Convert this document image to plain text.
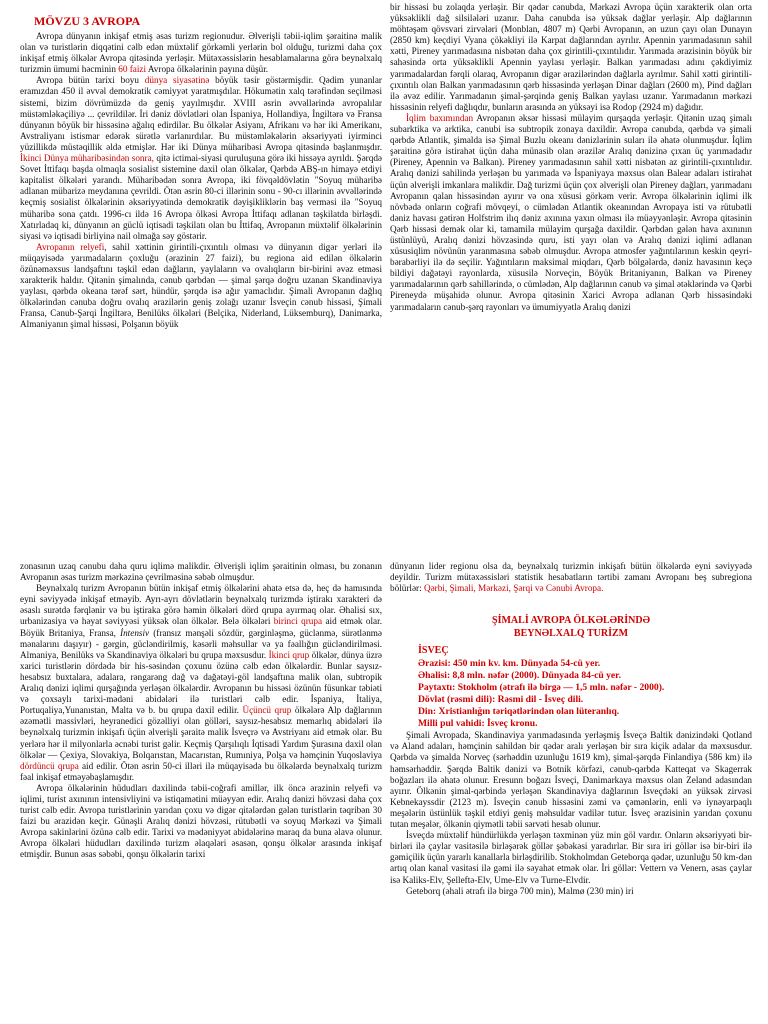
MÖVZU 3 AVROPA

Avropa dünyanın inkişaf etmiş əsas turizm regionudur. Əlverişli təbii-iqlim şəraitinə malik olan və turistlərin diqqətini cəlb edən müxtəlif görkəmli yerlərin bol olduğu, turizmi daha çox inkişaf etmiş ölkələr Avropa qitəsində yerləşir. Mütəxəssislərin hesablamalarına görə beynəlxalq turizmin ümumi həcminin 60 faizi Avropa ölkələrinin payına düşür.

Avropa bütün tarixi boyu dünya siyasətinə böyük təsir göstərmişdir. Qədim yunanlar eramızdan 450 il əvvəl demokratik cəmiyyət yaratmışdılar. Hökumətin xalq tərəfindən seçilməsi sistemi, bizim dövrümüzdə də geniş yayılmışdır. XVIII əsrin əvvəllərində avropalılar müstəmləkəçiliyə ... çevrildilər. İri dəniz dövlətləri olan İspaniya, Hollandiya, İngiltərə və Fransa dünyanın böyük bir hissəsinə ağalıq edirdilər. Bu ölkələr Asiyanı, Afrikanı və hər iki Amerikanı, Avstraliyanı istismar edərək sürətlə varlanırdılar. Bu müstəmləkələrin əksəriyyəti iyirminci yüzillikdə müstəqillik əldə etmişlər. Hər iki Dünya müharibəsi Avropa qitəsində başlanmışdır. İkinci Dünya müharibəsindən sonra, qitə ictimai-siyasi quruluşuna görə iki hissəyə ayrıldı. Şərqdə Sovet İttifaqı başda olmaqla sosialist sistemine daxil olan ölkələr, Qərbdə ABŞ-ın himayə etdiyi kapitalist ölkələri yarandı. Müharibədən sonra Avropa, iki fövqəldövlətin "Soyuq müharibə adlanan mübarizə meydanına çevrildi. Ötən əsrin 80-ci illərinin sonu - 90-cı illərinin əvvəllərində keçmiş sosialist ölkələrinin əksəriyyətində demokratik dəyişikliklərin baş verməsi ilə "Soyuq müharibə sona çatdı. 1996-cı ildə 16 Avropa ölkəsi Avropa İttifaqı adlanan təşkilatda birləşdi. Xatırladaq ki, dünyanın ən güclü iqtisadi təşkilatı olan bu İttifaq, Avropanın müxtəlif ölkələrinin siyasi və iqtisadi birliyinə nail olmağa səy göstərir.

Avropanın relyefi, sahil xəttinin girintili-çıxıntılı olması və dünyanın digər yerləri ilə müqayisədə yarımadaların çoxluğu (ərazinin 27 faizi), bu regiona aid edilən ölkələrin özünəməxsus landşaftını təşkil edən dağların, yaylaların və ovalıqların bir-birini əvəz etməsi xarakterik haldır. Qitənin şimalında, cənub qərbdən — şimal şərqə doğru uzanan Skandinaviya yaylası, qərbdə okeana tərəf sərt, hündür, şərqdə isə ağır yamaclıdır. Şimali Avropanın dağlıq ölkələrindən cənuba doğru ovalıq ərazilərin geniş zolağı uzanır İsveçin cənub hissəsi, Şimali Fransa, Cənub-Şərqi İngiltərə, Benilüks ölkələri (Belçika, Niderland, Lüksemburq), Danimarka, Almaniyanın şimal hissəsi, Polşanın böyük

bir hissəsi bu zolaqda yerləşir. Bir qədər cənubda, Mərkəzi Avropa üçün xarakterik olan orta yüksəklikli dağ silsilələri uzanır. Daha cənubda isə yüksək dağlar yerləşir. Alp dağlarının möhtəşəm qövsvari zirvələri (Monblan, 4807 m) Qərbi Avropanın, ən uzun çayı olan Dunayın (2850 km) keçdiyi Vyana çökəkliyi ilə Karpat dağlarından ayrılır. Apennin yarımadasının sahil xətti, Pireney yarımadasına nisbətən daha çox girintili-çıxıntılıdır. Yarımada ərazisinin böyük bir sahəsində orta yüksəklikli Apennin yaylası yerləşir. Balkan yarımadası adını çəkdiyimiz yarımadalardan fərqli olaraq, Avropanın digər ərazilərindən dağlarla ayrılmır. Sahil xətti girintili-çıxıntılı olan Balkan yarımadasının qərb hissəsində yerləşən Dinar dağları (2600 m), Pind dağları ilə əvəz edilir. Yarımadanın şimal-şərqində geniş Balkan yaylası uzanır. Yarımadanın mərkəzi hissəsinin relyefi dağlıqdır, bunların arasında ən yüksəyi isə Rodop (2924 m) dağıdır.

İqlim baxımından Avropanın əksər hissəsi mülayim qurşaqda yerləşir. Qitənin uzaq şimalı subarktika və arktika, cənubi isə subtropik zonaya daxildir. Avropa cənubda, qərbdə və şimali qərbdə Atlantik, şimalda isə Şimal Buzlu okeanı dənizlərinin suları ilə əhatə olunmuşdur. İqlim şəraitinə görə istirahət üçün daha münasib olan ərazilər Aralıq dənizinə çıxan üç yarımadadır (Pireney, Apennin və Balkan). Pireney yarımadasının sahil xətti nisbətən az girintili-çıxıntılıdır. Aralıq dənizi sahilində yerləşən bu yarımada və İspaniyaya məxsus olan Balear adaları istirahət üçün əlverişli imkanlara malikdir. Dağ turizmi üçün çox əlverişli olan Pireney dağları, yarımadanı Avropanın qalan hissəsindən ayırır və ona xüsusi görkəm verir. Avropa ölkələrinin iqlimi ilk növbədə onların coğrafi mövqeyi, o cümlədən Atlantik okeanından Avropaya isti və rütubətli dəniz havası gətirən Holfstrim ilıq dəniz axınına yaxın olması ilə müəyyənləşir. Avropa qitəsinin Qərb hissəsi demək olar ki, tamamilə mülayim qurşağa daxildir. Qərbdən gələn hava axınının üstünlüyü, Aralıq dənizi hövzəsində quru, isti yayı olan və Aralıq dənizi iqlimi adlanan xüsusiqlim növünün yaranmasına səbəb olmuşdur. Avropa atmosfer yağıntılarının keskin qeyri-bərabərliyi ilə də seçilir. Yağıntıların maksimal miqdarı, Qərb bölgələrdə, dəniz havasının keçə bildiyi dağətəyi rayonlarda, xüsusilə Norveçin, Böyük Britaniyanın, Balkan və Pireney yarımadalarının qərb sahillərində, o cümlədən, Alp dağlarının cənub və şimal ətəklərində və Qərbi Pireneydə müşahidə olunur. Avropa qitəsinin Xarici Avropa adlanan Qərb hissəsindəki yarımadaların cənub-şərq rayonları və ümumiyyətlə Aralıq dənizi

zonasının uzaq cənubu daha quru iqlimə malikdir. Əlverişli iqlim şəraitinin olması, bu zonanın Avropanın əsas turizm mərkəzinə çevrilməsinə səbəb olmuşdur.

Beynəlxalq turizm Avropanın bütün inkişaf etmiş ölkələrini əhatə etsə də, heç də hamısında eyni səviyyədə inkişaf etməyib. Ayrı-ayrı dövlətlərin beynəlxalq turizmdə iştirakı xarakteri də əsaslı surətdə fərqlənir və bu iştiraka görə həmin ölkələri dörd qrupa ayırmaq olar. Əhalisi sıx, urbanizasiya və həyat səviyyəsi yüksək olan ölkələr. Belə ölkələri birinci qrupa aid etmək olar. Böyük Britaniya, Fransa, İntensiv (fransız mənşəli sözdür, gərginləşmə, güclənmə, sürətlənmə mənalarını daşıyır) - gərgin, gücləndirilmiş, kəsərli məhsullar və ya fəallığın gücləndirilməsi. Almaniya, Benilüks və Skandinaviya ölkələri bu qrupa məxsusdur. İkinci qrup ölkələr, dünya üzrə xarici turistlərin dördədə bir his-səsindən çoxunu özünə cəlb edən ölkələrdir. Bunlar saysız-hesabsız buxtalara, adalara, rəngarəng dağ və dağətəyi-göl landşaftına malik olan, subtropik Aralıq dənizi iqlimi qurşağında yerləşən ölkələrdir. Avropanın bu hissəsi özünün füsunkar təbiəti və çoxsaylı tarixi-mədəni abidələri ilə turistləri cəlb edir. İspaniya, İtaliya, Portuqaliya,Yunanıstan, Malta və b. bu qrupa daxil edilir. Üçüncü qrup ölkələrə Alp dağlarının əzəmətli massivləri, heyranedici gözəlliyi olan gölləri, saysız-hesabsız memarlıq abidələri ilə beynəlxalq turizmin inkişafı üçün əlverişli şəraitə malik İsveçrə və Avstriyanı aid etmək olar. Bu yerlərə hər il milyonlarla əcnəbi turist gəlir. Keçmiş Qarşılıqlı İqtisadi Yardım Şurasına daxil olan ölkələr — Çexiya, Slovakiya, Bolqarıstan, Macarıstan, Rumıniya, Polşa və həmçinin Yuqoslaviya dördüncü qrupa aid edilir. Ötən əsrin 50-ci illəri ilə müqayisədə bu ölkələrdə beynəlxalq turizm fəal inkişaf etməyəbaşlamışdır.

Avropa ölkələrinin hüdudları daxilində təbii-coğrafi amillər, ilk öncə ərazinin relyefi və iqlimi, turist axınının intensivliyini və istiqamətini müəyyən edir. Aralıq dənizi hövzəsi daha çox turist cəlb edir. Avropa turistlərinin yarıdan çoxu və digər qitələrdən gələn turistlərin təqribən 30 faizi bu ərazidən keçir. Günəşli Aralıq dənizi hövzəsi, rütubətli və soyuq Mərkəzi və Şimali Avropa sakinlərini özünə cəlb edir. Tarixi və mədəniyyət abidələrinə maraq da buna əlavə olunur. Avropa ölkələri hüdudları daxilində turizm əlaqələri əsasən, qonşu ölkələr arasında inkişaf etmişdir. Bunun əsas səbəbi, qonşu ölkələrin tarixi

dünyanın lider regionu olsa da, beynəlxalq turizmin inkişafı bütün ölkələrdə eyni səviyyədə deyildir. Turizm mütəxəssisləri statistik hesabatların tərtibi zamanı Avropanı beş subregiona bölürlər: Qərbi, Şimali, Mərkəzi, Şərqi və Cənubi Avropa.

ŞİMALİ AVROPA ÖLKƏLƏRİNDƏ
BEYNƏLXALQ TURİZM
İSVEÇ
Ərazisi: 450 min kv. km. Dünyada 54-cü yer.
Əhalisi: 8,8 mln. nəfər (2000). Dünyada 84-cü yer.
Paytaxtı: Stokholm (ətrafı ilə birgə — 1,5 mln. nəfər - 2000).
Dövlət (rəsmi dili): Rəsmi dil - İsveç dili.
Din: Xristianlığın təriqətlərindən olan lüteranlıq.
Milli pul vahidi: İsveç kronu.

Şimali Avropada, Skandinaviya yarımadasında yerləşmiş İsveçə Baltik dənizindəki Qotland və Aland adaları, həmçinin sahildən bir qədər aralı yerləşən bir sıra kiçik adalar da məxsusdur. Qərbdə və şimalda Norveç (sərhəddin uzunluğu 1619 km), şimal-şərqdə Finlandiya (586 km) ilə həmsərhəddir. Şərqdə Baltik dənizi və Botnik körfəzi, cənub-qərbdə Katteqat və Skagerrak boğazları ilə əhatə olunur. Eresunn boğazı İsveçi, Danimarkaya məxsus olan Zeland adasından ayırır. Ölkənin şimal-qərbində yerləşən Skandinaviya dağlarının İsveçdəki ən yüksək zirvəsi Kebnekayssdir (2123 m). İsveçin cənub hissəsini zəmi və çəmənlərin, enli və iynəyarpaqlı meşələrin üstünlük təşkil etdiyi geniş məhsuldar vadilər tutur. İsveç ərazisinin yarıdan çoxunu tutan meşələr, ölkənin qiymətli təbii sərvəti hesab olunur.

İsveçdə müxtəlif hündürlükdə yerləşən təxminən yüz min göl vardır. Onların əksəriyyəti bir-birləri ilə çaylar vasitəsilə birləşərək göllər şəbəkəsi yaradırlar. Bir sıra iri göllər isə bir-biri ilə gəmiçilik üçün yararlı kanallarla birləşdirilib. Stokholmdan Geteborqa qədər, uzunluğu 50 km-dən artıq olan kanal vasitəsi ilə gəmi ilə səyahət etmək olar. İri göllər: Vettern və Venern, əsas çaylar isə Kaliks-Elv, Şelleftə-Elv, Ume-Elv və Turne-Elvdir.

Geteborq (əhali ətrafı ilə birgə 700 min), Malmø (230 min) iri
